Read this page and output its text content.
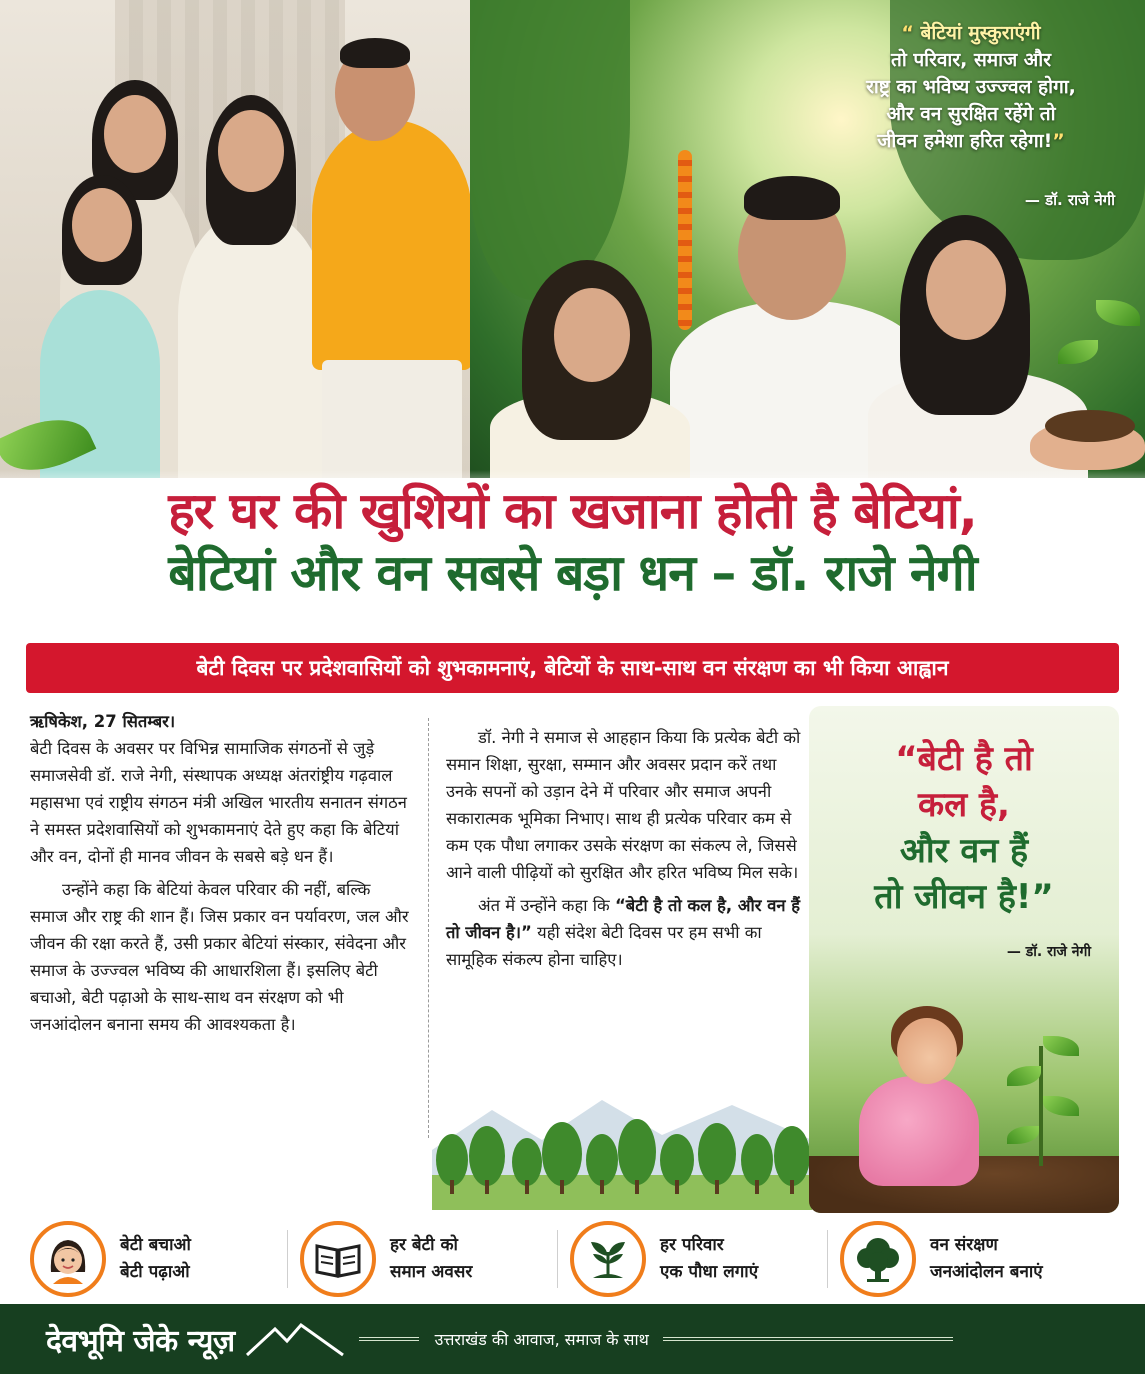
“ बेटियां मुस्कुराएंगी
तो परिवार, समाज और
राष्ट्र का भविष्य उज्ज्वल होगा,
और वन सुरक्षित रहेंगे तो
जीवन हमेशा हरित रहेगा!”
— डॉ. राजे नेगी
हर घर की खुशियों का खजाना होती है बेटियां,
बेटियां और वन सबसे बड़ा धन – डॉ. राजे नेगी
बेटी दिवस पर प्रदेशवासियों को शुभकामनाएं, बेटियों के साथ-साथ वन संरक्षण का भी किया आह्वान

ऋषिकेश, 27 सितम्बर।

बेटी दिवस के अवसर पर विभिन्न सामाजिक संगठनों से जुड़े समाजसेवी डॉ. राजे नेगी, संस्थापक अध्यक्ष अंतरांष्ट्रीय गढ़वाल महासभा एवं राष्ट्रीय संगठन मंत्री अखिल भारतीय सनातन संगठन ने समस्त प्रदेशवासियों को शुभकामनाएं देते हुए कहा कि बेटियां और वन, दोनों ही मानव जीवन के सबसे बड़े धन हैं।

उन्होंने कहा कि बेटियां केवल परिवार की नहीं, बल्कि समाज और राष्ट्र की शान हैं। जिस प्रकार वन पर्यावरण, जल और जीवन की रक्षा करते हैं, उसी प्रकार बेटियां संस्कार, संवेदना और समाज के उज्ज्वल भविष्य की आधारशिला हैं। इसलिए बेटी बचाओ, बेटी पढ़ाओ के साथ-साथ वन संरक्षण को भी जनआंदोलन बनाना समय की आवश्यकता है।

डॉ. नेगी ने समाज से आहहान किया कि प्रत्येक बेटी को समान शिक्षा, सुरक्षा, सम्मान और अवसर प्रदान करें तथा उनके सपनों को उड़ान देने में परिवार और समाज अपनी सकारात्मक भूमिका निभाए। साथ ही प्रत्येक परिवार कम से कम एक पौधा लगाकर उसके संरक्षण का संकल्प ले, जिससे आने वाली पीढ़ियों को सुरक्षित और हरित भविष्य मिल सके।

अंत में उन्होंने कहा कि “बेटी है तो कल है, और वन हैं तो जीवन है।” यही संदेश बेटी दिवस पर हम सभी का सामूहिक संकल्प होना चाहिए।

“बेटी है तो
कल है,
और वन हैं
तो जीवन है!”
— डॉ. राजे नेगी
बेटी बचाओ
बेटी पढ़ाओ
हर बेटी को
समान अवसर
हर परिवार
एक पौधा लगाएं
वन संरक्षण
जनआंदोलन बनाएं
देवभूमि जेके न्यूज़	उत्तराखंड की आवाज, समाज के साथ
